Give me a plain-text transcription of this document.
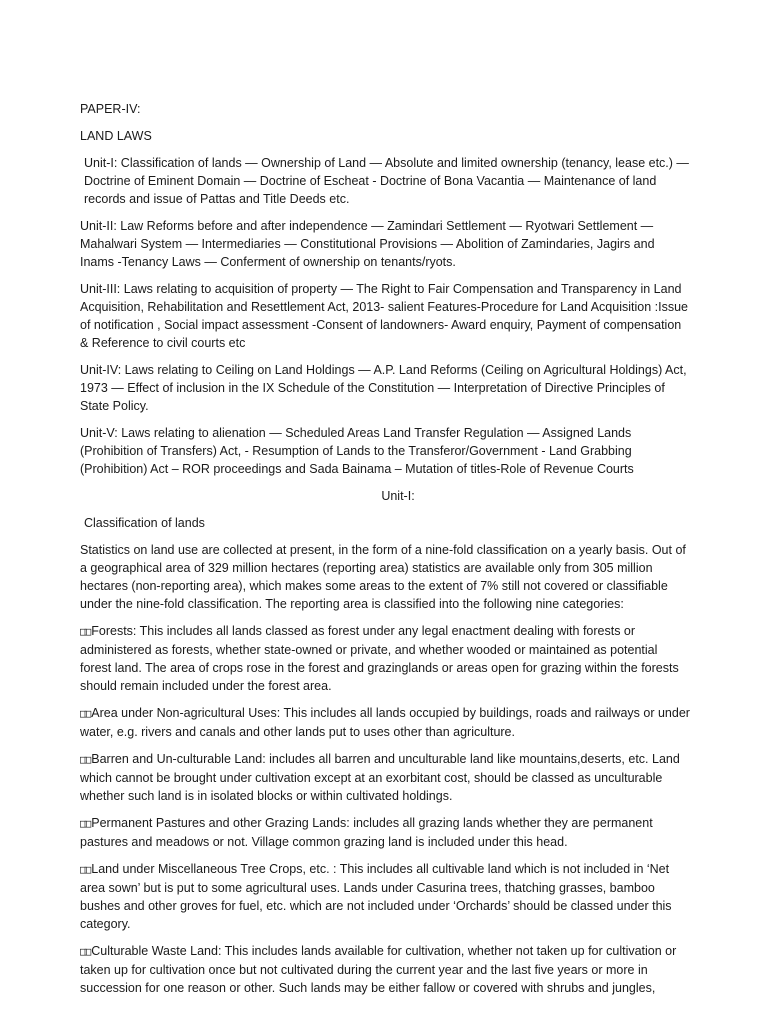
PAPER-IV:
LAND LAWS
Unit-I: Classification of lands — Ownership of Land — Absolute and limited ownership (tenancy, lease etc.) — Doctrine of Eminent Domain — Doctrine of Escheat - Doctrine of Bona Vacantia — Maintenance of land records and issue of Pattas and Title Deeds etc.
Unit-II: Law Reforms before and after independence — Zamindari Settlement — Ryotwari Settlement — Mahalwari System — Intermediaries — Constitutional Provisions — Abolition of Zamindaries, Jagirs and Inams -Tenancy Laws — Conferment of ownership on tenants/ryots.
Unit-III: Laws relating to acquisition of property — The Right to Fair Compensation and Transparency in Land Acquisition, Rehabilitation and Resettlement Act, 2013- salient Features-Procedure for Land Acquisition :Issue of notification , Social impact assessment -Consent of landowners- Award enquiry, Payment of compensation & Reference to civil courts etc
Unit-IV: Laws relating to Ceiling on Land Holdings — A.P. Land Reforms (Ceiling on Agricultural Holdings) Act, 1973 — Effect of inclusion in the IX Schedule of the Constitution — Interpretation of Directive Principles of State Policy.
Unit-V: Laws relating to alienation — Scheduled Areas Land Transfer Regulation — Assigned Lands (Prohibition of Transfers) Act, - Resumption of Lands to the Transferor/Government - Land Grabbing (Prohibition) Act – ROR proceedings and Sada Bainama – Mutation of titles-Role of Revenue Courts
Unit-I:
Classification of lands
Statistics on land use are collected at present, in the form of a nine-fold classification on a yearly basis. Out of a geographical area of 329 million hectares (reporting area) statistics are available only from 305 million hectares (non-reporting area), which makes some areas to the extent of 7% still not covered or classifiable under the nine-fold classification. The reporting area is classified into the following nine categories:
□□ Forests: This includes all lands classed as forest under any legal enactment dealing with forests or administered as forests, whether state-owned or private, and whether wooded or maintained as potential forest land. The area of crops rose in the forest and grazinglands or areas open for grazing within the forests should remain included under the forest area.
□□ Area under Non-agricultural Uses: This includes all lands occupied by buildings, roads and railways or under water, e.g. rivers and canals and other lands put to uses other than agriculture.
□□ Barren and Un-culturable Land: includes all barren and unculturable land like mountains,deserts, etc. Land which cannot be brought under cultivation except at an exorbitant cost, should be classed as unculturable whether such land is in isolated blocks or within cultivated holdings.
□□ Permanent Pastures and other Grazing Lands: includes all grazing lands whether they are permanent pastures and meadows or not. Village common grazing land is included under this head.
□□ Land under Miscellaneous Tree Crops, etc. : This includes all cultivable land which is not included in ‘Net area sown’ but is put to some agricultural uses. Lands under Casurina trees, thatching grasses, bamboo bushes and other groves for fuel, etc. which are not included under ‘Orchards’ should be classed under this category.
□□ Culturable Waste Land: This includes lands available for cultivation, whether not taken up for cultivation or taken up for cultivation once but not cultivated during the current year and the last five years or more in succession for one reason or other. Such lands may be either fallow or covered with shrubs and jungles,
